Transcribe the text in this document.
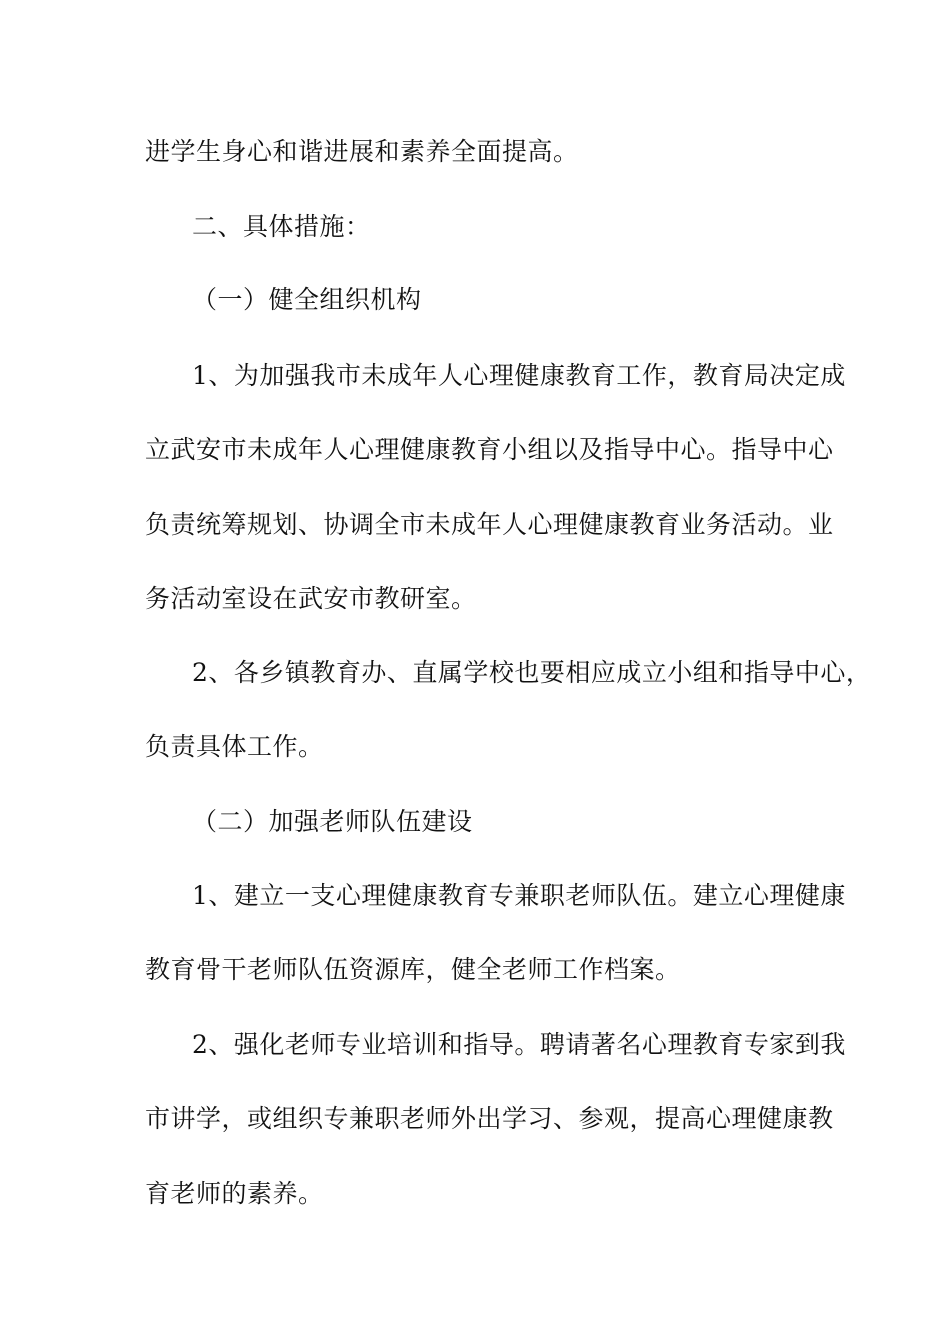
进学生身心和谐进展和素养全面提高。
二、具体措施：
（一）健全组织机构
1、为加强我市未成年人心理健康教育工作，教育局决定成
立武安市未成年人心理健康教育小组以及指导中心。指导中心
负责统筹规划、协调全市未成年人心理健康教育业务活动。业
务活动室设在武安市教研室。
2、各乡镇教育办、直属学校也要相应成立小组和指导中心，
负责具体工作。
（二）加强老师队伍建设
1、建立一支心理健康教育专兼职老师队伍。建立心理健康
教育骨干老师队伍资源库，健全老师工作档案。
2、强化老师专业培训和指导。聘请著名心理教育专家到我
市讲学，或组织专兼职老师外出学习、参观，提高心理健康教
育老师的素养。
